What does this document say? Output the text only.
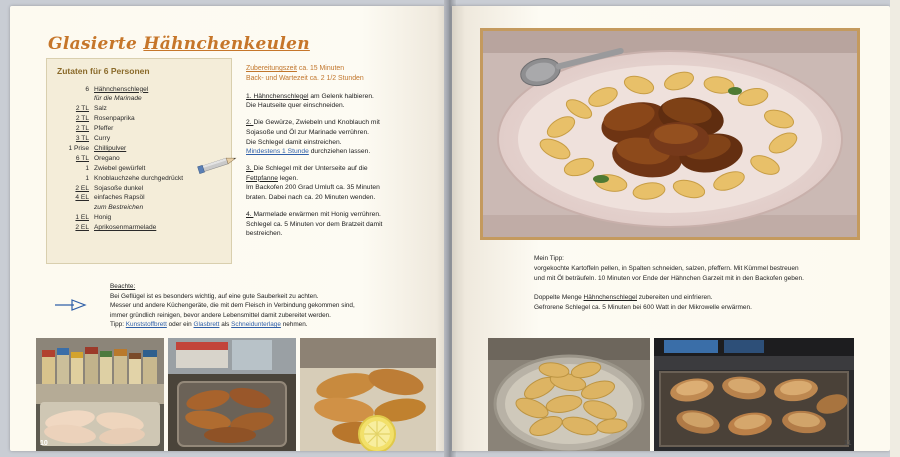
Glasierte Hähnchenkeulen
Zutaten für 6 Personen
6	Hähnchenschlegel
	für die Marinade
2 TL	Salz
2 TL	Rosenpaprika
2 TL	Pfeffer
3 TL	Curry
1 Prise	Chillipulver
6 TL	Oregano
1	Zwiebel gewürfelt
1	Knoblauchzehe durchgedrückt
2 EL	Sojasoße dunkel
4 EL	einfaches Rapsöl
	zum Bestreichen
1 EL	Honig
2 EL	Aprikosenmarmelade
Zubereitungszeit ca. 15 Minuten
Back- und Wartezeit ca. 2 1/2 Stunden
1. Hähnchenschlegel am Gelenk halbieren.
Die Hautseite quer einschneiden.
2. Die Gewürze, Zwiebeln und Knoblauch mit
Sojasoße und Öl zur Marinade verrühren.
Die Schlegel damit einstreichen.
Mindestens 1 Stunde durchziehen lassen.
3. Die Schlegel mit der Unterseite auf die
Fettpfanne legen.
Im Backofen 200 Grad Umluft ca. 35 Minuten
braten. Dabei nach ca. 20 Minuten wenden.
4. Marmelade erwärmen mit Honig verrühren.
Schlegel ca. 5 Minuten vor dem Bratzeit damit
bestreichen.
Beachte:
Bei Geflügel ist es besonders wichtig, auf eine gute Sauberkeit zu achten.
Messer und andere Küchengeräte, die mit dem Fleisch in Verbindung gekommen sind,
immer gründlich reinigen, bevor andere Lebensmittel damit zubereitet werden.
Tipp: Kunststoffbrett oder ein Glasbrett als Schneidunterlage nehmen.
10
Mein Tipp:
vorgekochte Kartoffeln pellen, in Spalten schneiden, salzen, pfeffern. Mit Kümmel bestreuen
und mit Öl beträufeln. 10 Minuten vor Ende der Hähnchen Garzeit mit in den Backofen geben.
Doppelte Menge Hähnchenschlegel zubereiten und einfrieren.
Gefrorene Schlegel ca. 5 Minuten bei 600 Watt in der Mikrowelle erwärmen.
11
